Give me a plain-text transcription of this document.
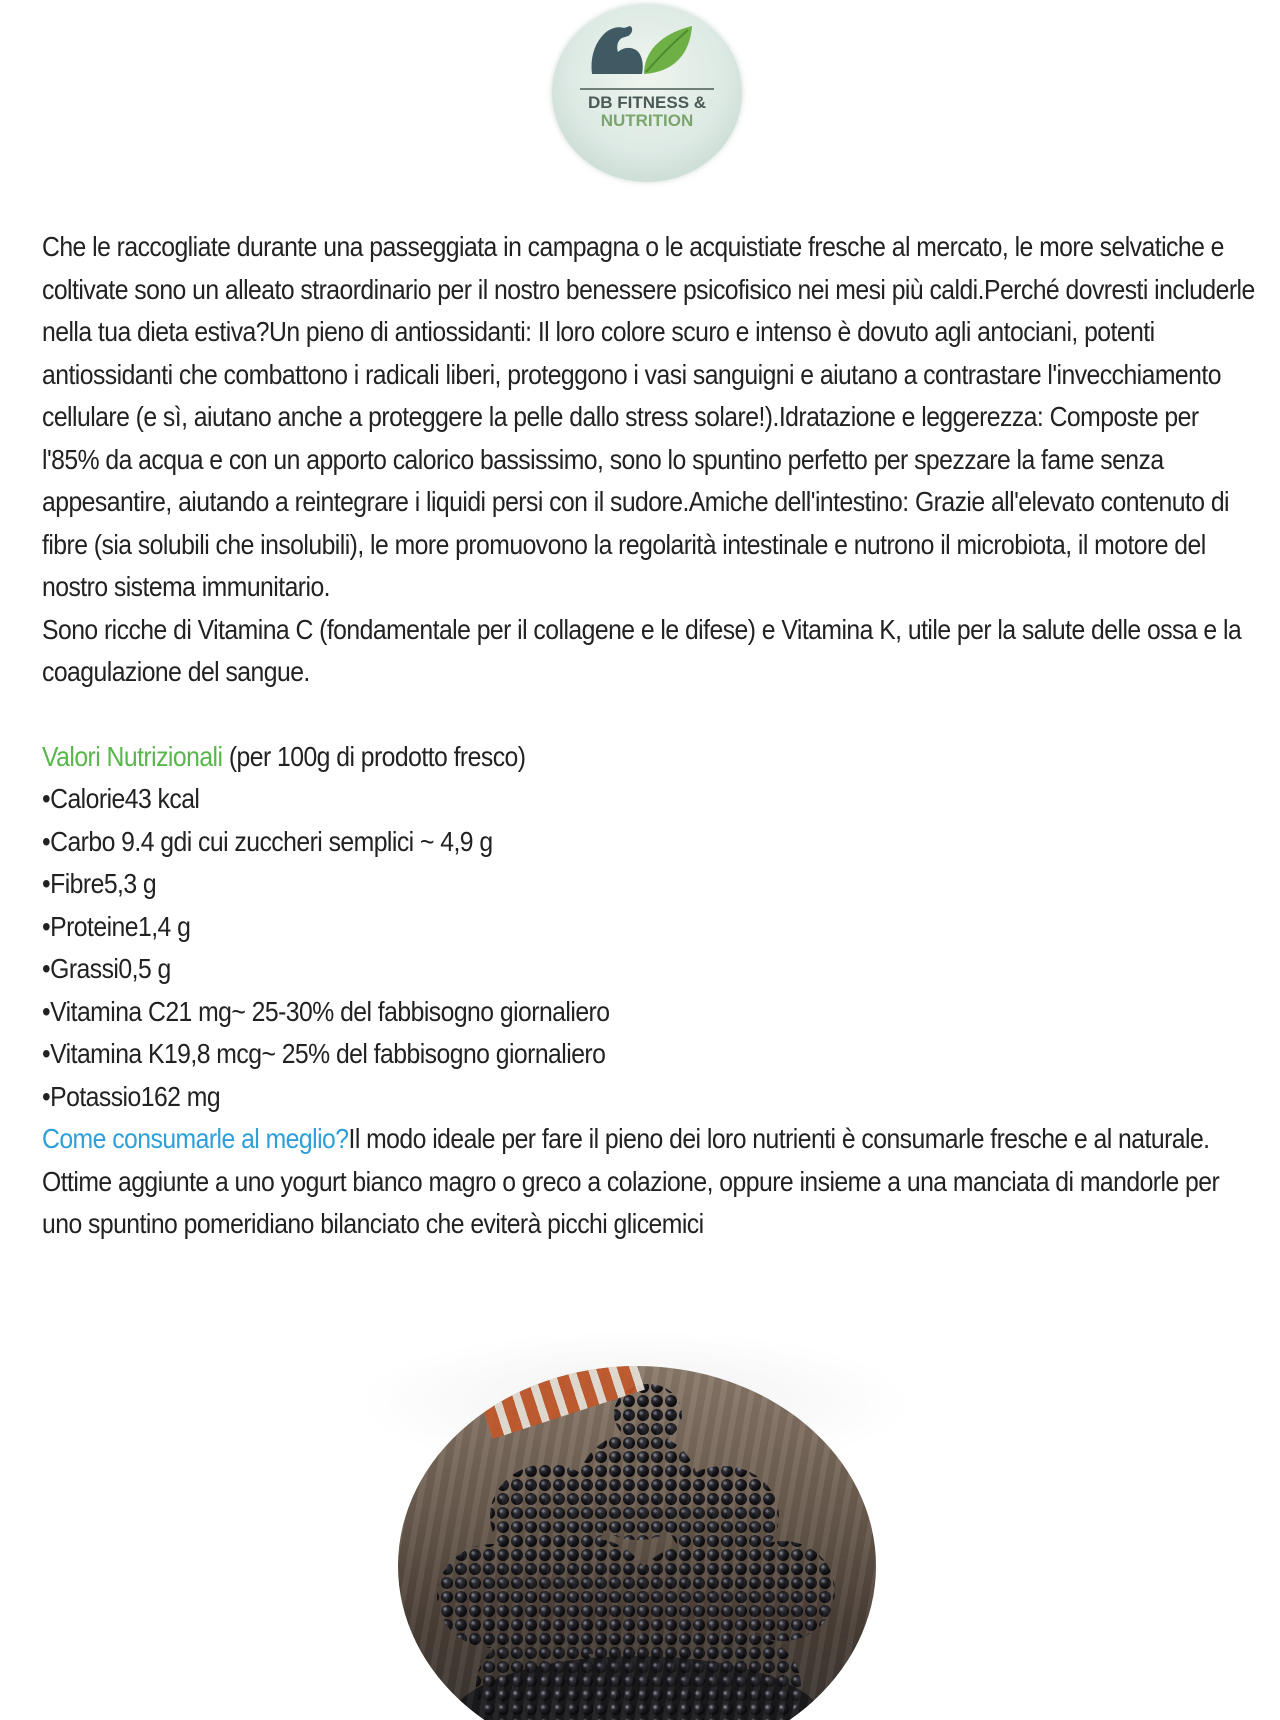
DB FITNESS &
NUTRITION

Che le raccogliate durante una passeggiata in campagna o le acquistiate fresche al mercato, le more selvatiche e coltivate sono un alleato straordinario per il nostro benessere psicofisico nei mesi più caldi.Perché dovresti includerle nella tua dieta estiva?Un pieno di antiossidanti: Il loro colore scuro e intenso è dovuto agli antociani, potenti antiossidanti che combattono i radicali liberi, proteggono i vasi sanguigni e aiutano a contrastare l'invecchiamento cellulare (e sì, aiutano anche a proteggere la pelle dallo stress solare!).Idratazione e leggerezza: Composte per l'85% da acqua e con un apporto calorico bassissimo, sono lo spuntino perfetto per spezzare la fame senza appesantire, aiutando a reintegrare i liquidi persi con il sudore.Amiche dell'intestino: Grazie all'elevato contenuto di fibre (sia solubili che insolubili), le more promuovono la regolarità intestinale e nutrono il microbiota, il motore del nostro sistema immunitario.

Sono ricche di Vitamina C (fondamentale per il collagene e le difese) e Vitamina K, utile per la salute delle ossa e la coagulazione del sangue.

Valori Nutrizionali (per 100g di prodotto fresco)

•Calorie43 kcal

•Carbo 9.4 gdi cui zuccheri semplici ~ 4,9 g

•Fibre5,3 g

•Proteine1,4 g

•Grassi0,5 g

•Vitamina C21 mg~ 25-30% del fabbisogno giornaliero

•Vitamina K19,8 mcg~ 25% del fabbisogno giornaliero

•Potassio162 mg

Come consumarle al meglio?Il modo ideale per fare il pieno dei loro nutrienti è consumarle fresche e al naturale. Ottime aggiunte a uno yogurt bianco magro o greco a colazione, oppure insieme a una manciata di mandorle per uno spuntino pomeridiano bilanciato che eviterà picchi glicemici
